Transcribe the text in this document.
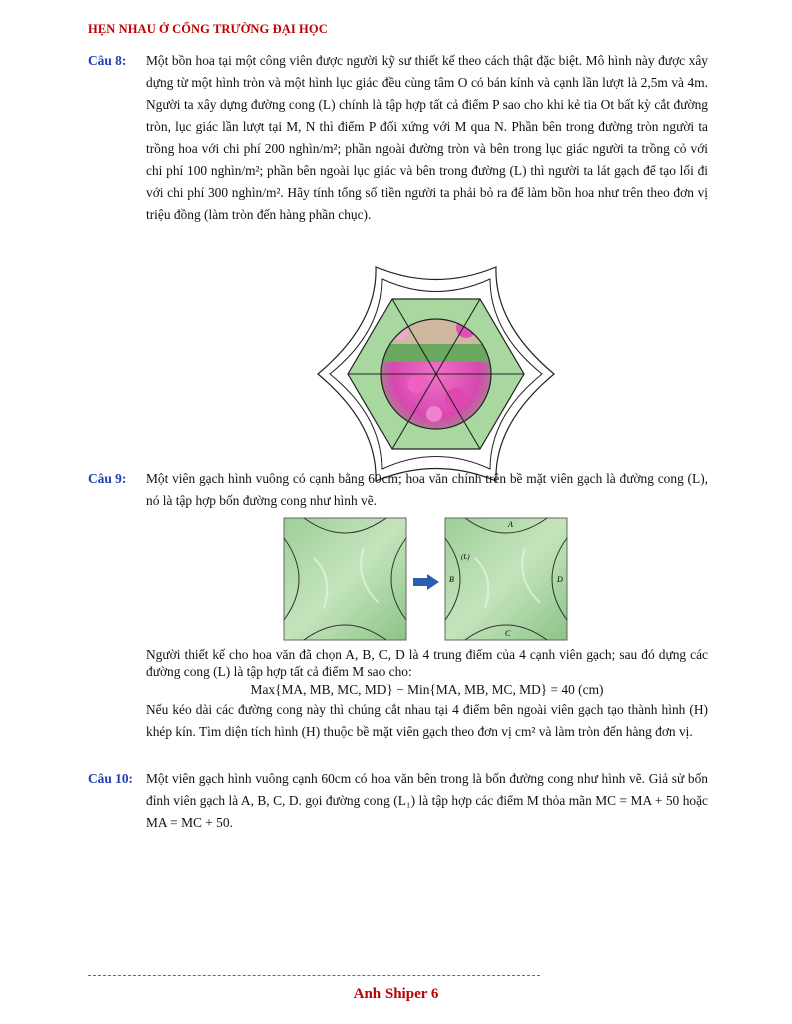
HẸN NHAU Ở CỔNG TRƯỜNG ĐẠI HỌC
Câu 8: Một bồn hoa tại một công viên được người kỹ sư thiết kế theo cách thật đặc biệt. Mô hình này được xây dựng từ một hình tròn và một hình lục giác đều cùng tâm O có bán kính và cạnh lần lượt là 2,5m và 4m. Người ta xây dựng đường cong (L) chính là tập hợp tất cả điểm P sao cho khi kẻ tia Ot bất kỳ cắt đường tròn, lục giác lần lượt tại M, N thì điểm P đối xứng với M qua N. Phần bên trong đường tròn người ta trồng hoa với chi phí 200 nghìn/m²; phần ngoài đường tròn và bên trong lục giác người ta trồng cỏ với chi phí 100 nghìn/m²; phần bên ngoài lục giác và bên trong đường (L) thì người ta lát gạch để tạo lối đi với chi phí 300 nghìn/m². Hãy tính tổng số tiền người ta phải bỏ ra để làm bồn hoa như trên theo đơn vị triệu đồng (làm tròn đến hàng phần chục).

Câu 9: Một viên gạch hình vuông có cạnh bằng 60cm; hoa văn chính trên bề mặt viên gạch là đường cong (L), nó là tập hợp bốn đường cong như hình vẽ.

A
B
C
D
(L)

Người thiết kế cho hoa văn đã chọn A, B, C, D là 4 trung điểm của 4 cạnh viên gạch; sau đó dựng các đường cong (L) là tập hợp tất cả điểm M sao cho:

Max{MA, MB, MC, MD} − Min{MA, MB, MC, MD} = 40 (cm)

Nếu kéo dài các đường cong này thì chúng cắt nhau tại 4 điểm bên ngoài viên gạch tạo thành hình (H) khép kín. Tìm diện tích hình (H) thuộc bề mặt viên gạch theo đơn vị cm² và làm tròn đến hàng đơn vị.

Câu 10: Một viên gạch hình vuông cạnh 60cm có hoa văn bên trong là bốn đường cong như hình vẽ. Giả sử bốn đỉnh viên gạch là A, B, C, D. gọi đường cong (L₁) là tập hợp các điểm M thỏa mãn MC = MA + 50 hoặc MA = MC + 50.

Anh Shiper 6
